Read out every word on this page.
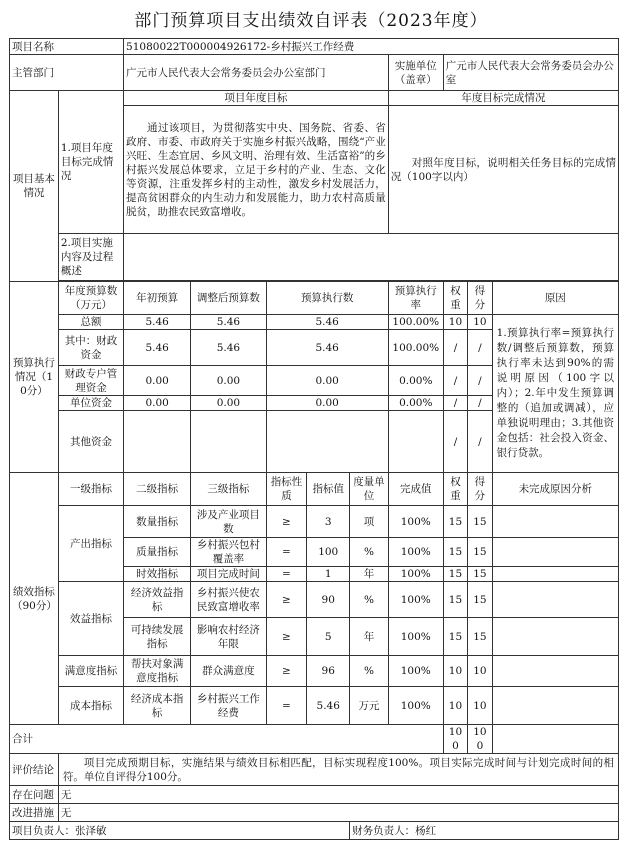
部门预算项目支出绩效自评表（2023年度）
项目名称		51080022T000004926172-乡村振兴工作经费								
主管部门		广元市人民代表大会常务委员会办公室部门					实施单位（盖章）	广元市人民代表大会常务委员会办公室		
项目基本情况	1.项目年度目标完成情况	项目年度目标					年度目标完成情况			
		通过该项目，为贯彻落实中央、国务院、省委、省政府、市委、市政府关于实施乡村振兴战略，围绕“产业兴旺、生态宜居、乡风文明、治理有效、生活富裕”的乡村振兴发展总体要求，立足于乡村的产业、生态、文化等资源，注重发挥乡村的主动性，激发乡村发展活力，提高贫困群众的内生动力和发展能力，助力农村高质量脱贫，助推农民致富增收。					对照年度目标，说明相关任务目标的完成情况（100字以内）			
	2.项目实施内容及过程概述									

预算执行情况（10分）	年度预算数（万元）	年初预算	调整后预算数	预算执行数			预算执行率	权重	得分	原因
	总额	5.46	5.46	5.46			100.00%	10	10	1.预算执行率=预算执行数/调整后预算数，预算执行率未达到90%的需说明原因（100字以内）；2.年中发生预算调整的（追加或调减），应单独说明理由；3.其他资金包括：社会投入资金、银行贷款。
	其中：财政资金	5.46	5.46	5.46			100.00%	/	/	
	财政专户管理资金	0.00	0.00	0.00			0.00%	/	/	
	单位资金	0.00	0.00	0.00			0.00%	/	/	
	其他资金							/	/	
绩效指标（90分）	一级指标	二级指标	三级指标	指标性质	指标值	度量单位	完成值	权重	得分	未完成原因分析
	产出指标	数量指标	涉及产业项目数	≥	3	项	100%	15	15	
		质量指标	乡村振兴包村覆盖率	=	100	%	100%	15	15	
		时效指标	项目完成时间	=	1	年	100%	15	15	
	效益指标	经济效益指标	乡村振兴使农民致富增收率	≥	90	%	100%	15	15	
		可持续发展指标	影响农村经济年限	≥	5	年	100%	15	15	
	满意度指标	帮扶对象满意度指标	群众满意度	≥	96	%	100%	10	10	
	成本指标	经济成本指标	乡村振兴工作经费	=	5.46	万元	100%	10	10	
合计								100	100	
评价结论	项目完成预期目标，实施结果与绩效目标相匹配，目标实现程度100%。项目实际完成时间与计划完成时间的相符。单位自评得分100分。									
存在问题	无									
改进措施	无									
项目负责人：张泽敏						财务负责人：杨红				
